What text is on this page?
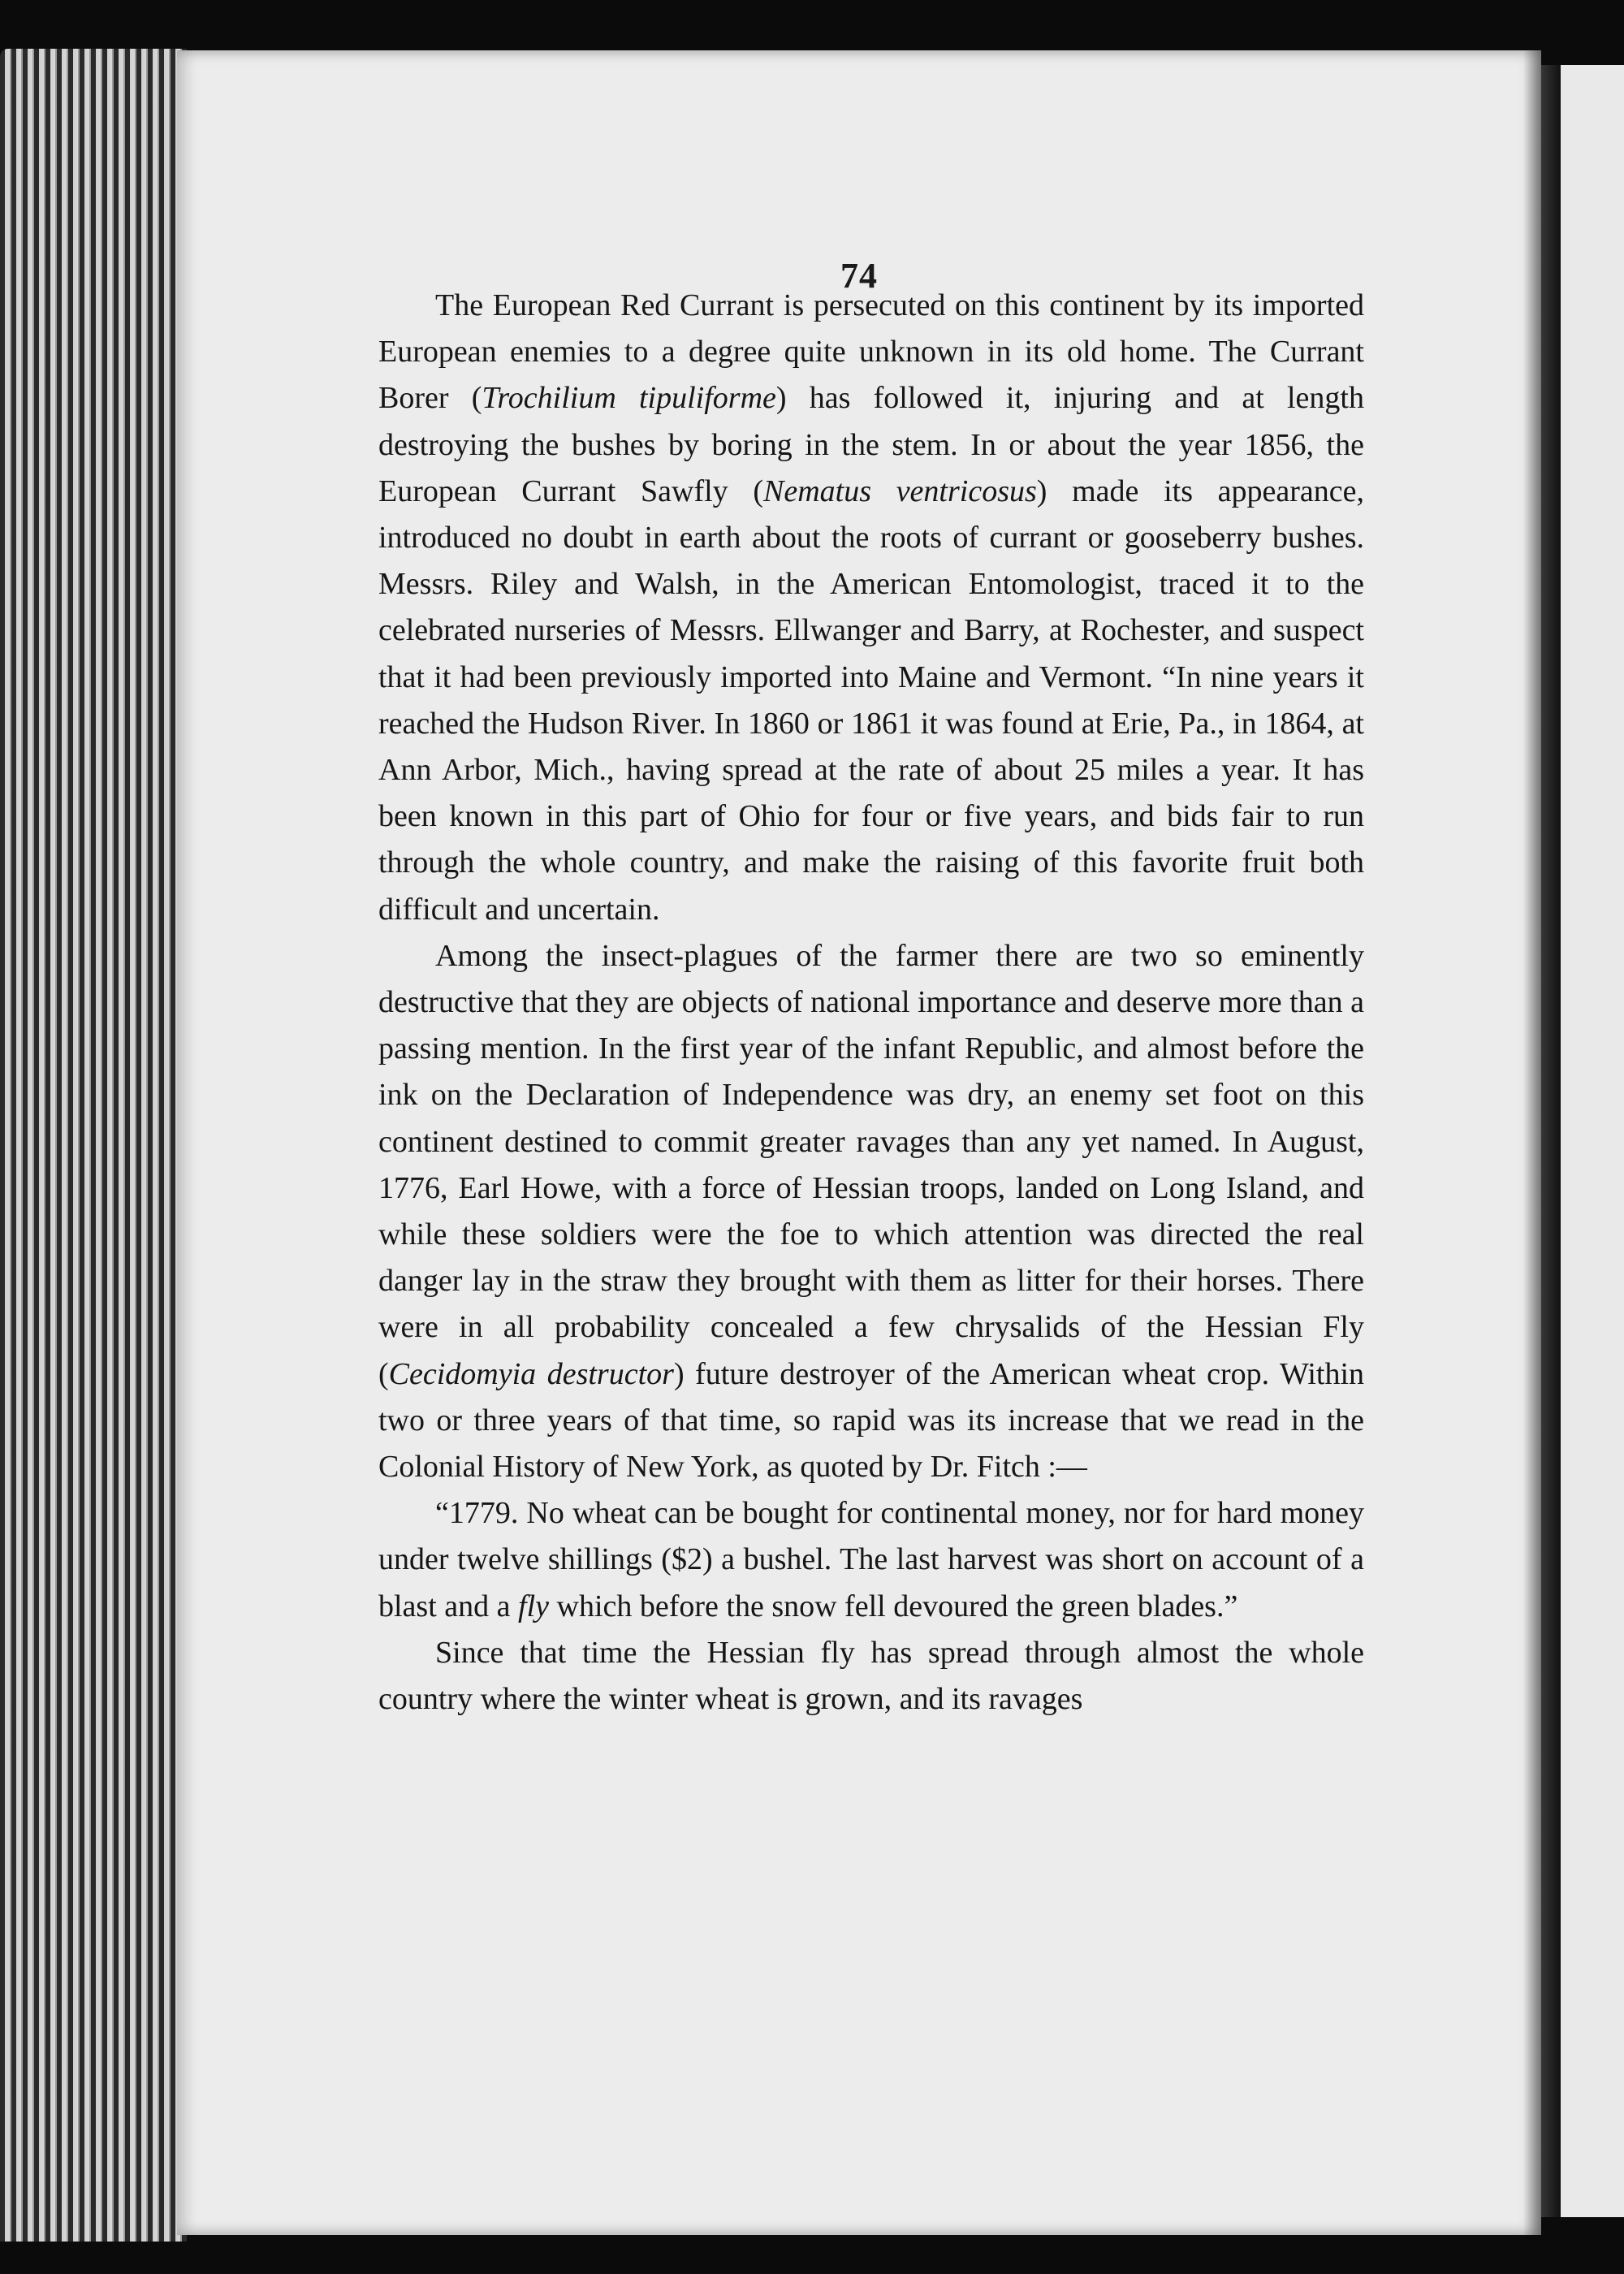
74

The European Red Currant is persecuted on this continent by its imported European enemies to a degree quite unknown in its old home. The Currant Borer (Trochilium tipuliforme) has followed it, injuring and at length destroying the bushes by boring in the stem. In or about the year 1856, the European Currant Sawfly (Nematus ventricosus) made its appearance, introduced no doubt in earth about the roots of currant or gooseberry bushes. Messrs. Riley and Walsh, in the American Entomologist, traced it to the celebrated nurseries of Messrs. Ellwanger and Barry, at Rochester, and suspect that it had been previously imported into Maine and Vermont. “In nine years it reached the Hudson River. In 1860 or 1861 it was found at Erie, Pa., in 1864, at Ann Arbor, Mich., having spread at the rate of about 25 miles a year. It has been known in this part of Ohio for four or five years, and bids fair to run through the whole country, and make the raising of this favorite fruit both difficult and uncertain.

Among the insect-plagues of the farmer there are two so eminently destructive that they are objects of national importance and deserve more than a passing mention. In the first year of the infant Republic, and almost before the ink on the Declaration of Independence was dry, an enemy set foot on this continent destined to commit greater ravages than any yet named. In August, 1776, Earl Howe, with a force of Hessian troops, landed on Long Island, and while these soldiers were the foe to which attention was directed the real danger lay in the straw they brought with them as litter for their horses. There were in all probability concealed a few chrysalids of the Hessian Fly (Cecidomyia destructor) future destroyer of the American wheat crop. Within two or three years of that time, so rapid was its increase that we read in the Colonial History of New York, as quoted by Dr. Fitch :—

“1779. No wheat can be bought for continental money, nor for hard money under twelve shillings ($2) a bushel. The last harvest was short on account of a blast and a fly which before the snow fell devoured the green blades.”

Since that time the Hessian fly has spread through almost the whole country where the winter wheat is grown, and its ravages
